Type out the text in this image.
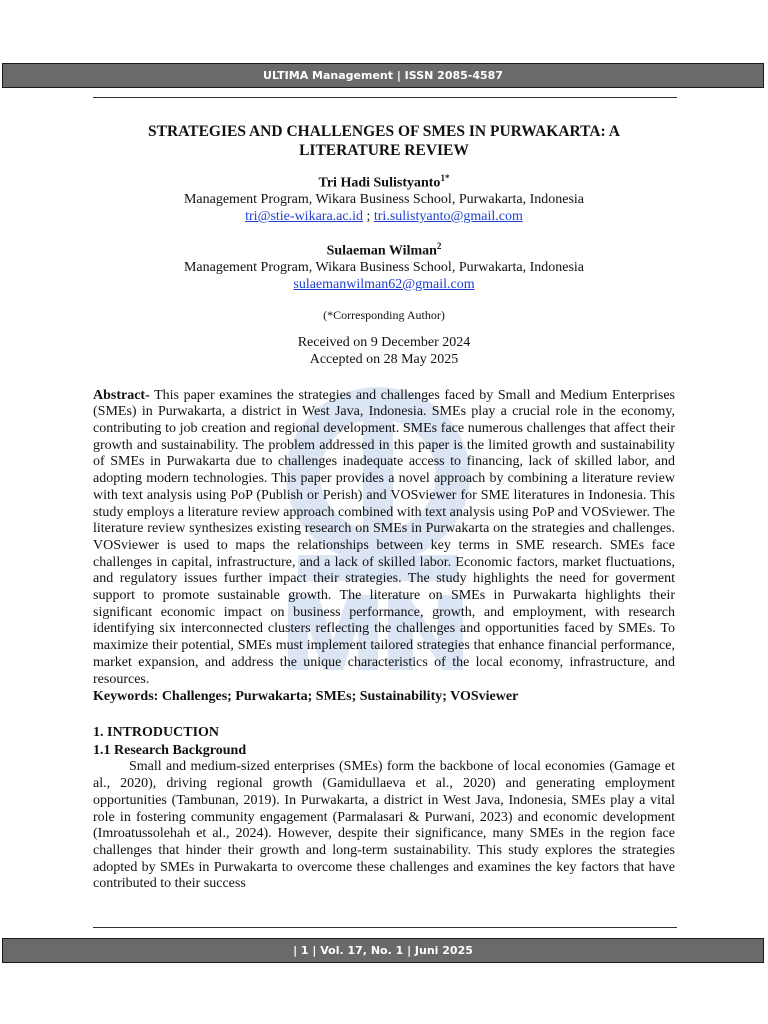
ULTIMA Management | ISSN 2085-4587
STRATEGIES AND CHALLENGES OF SMES IN PURWAKARTA: A LITERATURE REVIEW
Tri Hadi Sulistyanto$^{1*}$
Management Program, Wikara Business School, Purwakarta, Indonesia
tri@stie-wikara.ac.id ; tri.sulistyanto@gmail.com
Sulaeman Wilman$^2$
Management Program, Wikara Business School, Purwakarta, Indonesia
sulaemanwilman62@gmail.com
(*Corresponding Author)
Received on 9 December 2024
Accepted on 28 May 2025
Abstract- This paper examines the strategies and challenges faced by Small and Medium Enterprises (SMEs) in Purwakarta, a district in West Java, Indonesia. SMEs play a crucial role in the economy, contributing to job creation and regional development. SMEs face numerous challenges that affect their growth and sustainability. The problem addressed in this paper is the limited growth and sustainability of SMEs in Purwakarta due to challenges inadequate access to financing, lack of skilled labor, and adopting modern technologies. This paper provides a novel approach by combining a literature review with text analysis using PoP (Publish or Perish) and VOSviewer for SME literatures in Indonesia. This study employs a literature review approach combined with text analysis using PoP and VOSviewer. The literature review synthesizes existing research on SMEs in Purwakarta on the strategies and challenges. VOSviewer is used to maps the relationships between key terms in SME research. SMEs face challenges in capital, infrastructure, and a lack of skilled labor. Economic factors, market fluctuations, and regulatory issues further impact their strategies. The study highlights the need for goverment support to promote sustainable growth. The literature on SMEs in Purwakarta highlights their significant economic impact on business performance, growth, and employment, with research identifying six interconnected clusters reflecting the challenges and opportunities faced by SMEs. To maximize their potential, SMEs must implement tailored strategies that enhance financial performance, market expansion, and address the unique characteristics of the local economy, infrastructure, and resources.
Keywords: Challenges; Purwakarta; SMEs; Sustainability; VOSviewer
1. INTRODUCTION
1.1 Research Background
Small and medium-sized enterprises (SMEs) form the backbone of local economies (Gamage et al., 2020), driving regional growth (Gamidullaeva et al., 2020) and generating employment opportunities (Tambunan, 2019). In Purwakarta, a district in West Java, Indonesia, SMEs play a vital role in fostering community engagement (Parmalasari & Purwani, 2023) and economic development (Imroatussolehah et al., 2024). However, despite their significance, many SMEs in the region face challenges that hinder their growth and long-term sustainability. This study explores the strategies adopted by SMEs in Purwakarta to overcome these challenges and examines the key factors that have contributed to their success
| 1 | Vol. 17, No. 1 | Juni 2025
